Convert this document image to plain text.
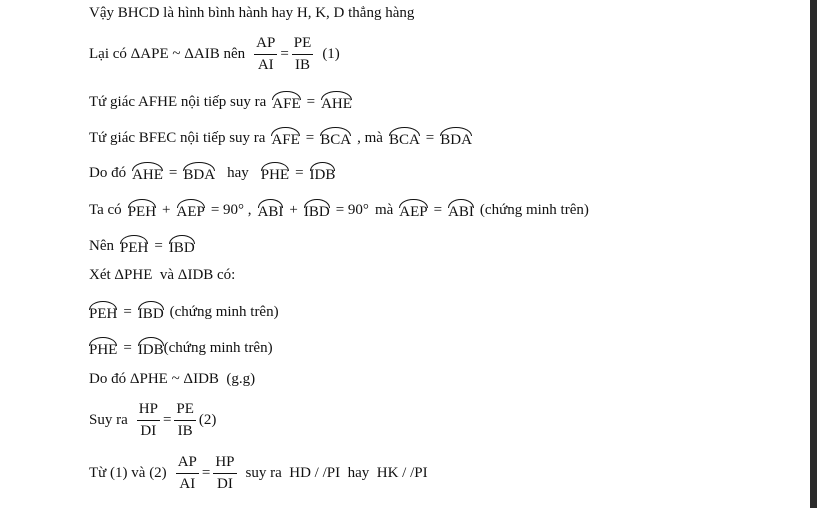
Vậy BHCD là hình bình hành hay H, K, D thẳng hàng
Lại có ΔAPE ~ ΔAIB nên $\frac{AP}{AI} = \frac{PE}{IB} (1)$
Tứ giác AFHE nội tiếp suy ra AFE = AHE
Tứ giác BFEC nội tiếp suy ra AFE = BCA , mà BCA = BDA
Do đó AHE = BDA hay PHE = IDB
Ta có PEH + AEP = 90° , ABI + IBD = 90° mà AEP = ABI (chứng minh trên)
Nên PEH = IBD
Xét ΔPHE  và ΔIDB có:
PEH = IBD (chứng minh trên)
PHE = IDB (chứng minh trên)
Do đó ΔPHE ~ ΔIDB  (g.g)
Suy ra $\frac{HP}{DI} = \frac{PE}{IB} (2)$
Từ (1) và $(2) \frac{AP}{AI} = \frac{HP}{DI}$ suy ra  HD / /PI  hay  HK / /PI
